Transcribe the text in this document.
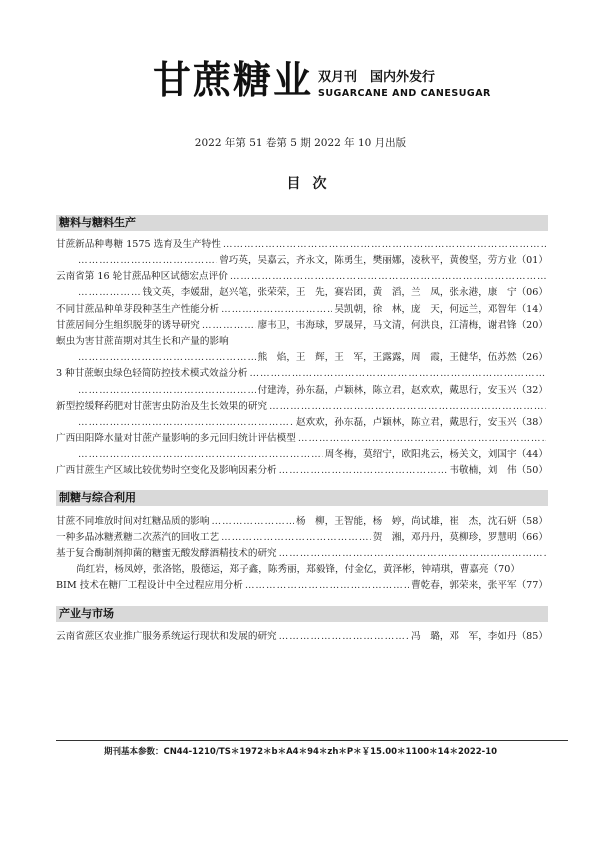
甘蔗糖业 双月刊　国内外发行
SUGARCANE AND CANESUGAR
2022 年第 51 卷第 5 期 2022 年 10 月出版
目次
糖料与糖料生产
甘蔗新品种粤糖 1575 选育及生产特性
……………………………………………………………………………………………………………………………………………………………………………………………………………………
……………………………………………………………………………………………………………………………………………………………………………………………………………………
曾巧英，吴嘉云，齐永文，陈勇生，樊丽娜，凌秋平，黄俊坚，劳方业（01）
云南省第 16 轮甘蔗品种区试德宏点评价
……………………………………………………………………………………………………………………………………………………………………………………………………………………
……………………………………………………………………………………………………………………………………………………………………………………………………………………
钱文英，李媛甜，赵兴笔，张荣荣，王　先，赛岩团，黄　滔，兰　凤，张永港，康　宁（06）
不同甘蔗品种单芽段种茎生产性能分析 ……………………………………………………………………………………………………………………………………………………………………………………………………………………	吴凯朝，徐　林，庞　天，何远兰，邓智年（14）
甘蔗居间分生组织脱芽的诱导研究 ……………………………………………………………………………………………………………………………………………………………………………………………………………………	廖韦卫，韦海球，罗晟昇，马文清，何洪良，江清梅，谢君锋（20）
螟虫为害甘蔗苗期对其生长和产量的影响
……………………………………………………………………………………………………………………………………………………………………………………………………………………
熊　焰，王　辉，王　军，王露露，周　霞，王健华，伍苏然（26）
3 种甘蔗螟虫绿色轻简防控技术模式效益分析
……………………………………………………………………………………………………………………………………………………………………………………………………………………
……………………………………………………………………………………………………………………………………………………………………………………………………………………
付建涛，孙东磊，卢颖林，陈立君，赵欢欢，戴思行，安玉兴（32）
新型控缓释药肥对甘蔗害虫防治及生长效果的研究
……………………………………………………………………………………………………………………………………………………………………………………………………………………
……………………………………………………………………………………………………………………………………………………………………………………………………………………
赵欢欢，孙东磊，卢颖林，陈立君，戴思行，安玉兴（38）
广西田阳降水量对甘蔗产量影响的多元回归统计评估模型
……………………………………………………………………………………………………………………………………………………………………………………………………………………
……………………………………………………………………………………………………………………………………………………………………………………………………………………
周冬梅，莫绍宁，欧阳兆云，杨关文，刘国宇（44）
广西甘蔗生产区域比较优势时空变化及影响因素分析 ……………………………………………………………………………………………………………………………………………………………………………………………………………………	韦敬楠，刘　伟（50）
制糖与综合利用
甘蔗不同堆放时间对红糖品质的影响 ……………………………………………………………………………………………………………………………………………………………………………………………………………………	杨　柳，王智能，杨　婷，尚试雄，崔　杰，沈石妍（58）
一种多晶冰糖煮糖二次蒸汽的回收工艺 ……………………………………………………………………………………………………………………………………………………………………………………………………………………	贺　湘，邓丹丹，莫柳珍，罗慧明（66）
基于复合酶制剂抑菌的糖蜜无酸发酵酒精技术的研究
……………………………………………………………………………………………………………………………………………………………………………………………………………………
尚红岩，杨凤婷，张洛铭，殷德运，郑子鑫，陈秀丽，郑毅锋，付金亿，黄泽彬，钟靖琪，曹嘉亮（70）
BIM 技术在糖厂工程设计中全过程应用分析 ……………………………………………………………………………………………………………………………………………………………………………………………………………………	曹乾春，郭荣来，张平军（77）
产业与市场
云南省蔗区农业推广服务系统运行现状和发展的研究 ……………………………………………………………………………………………………………………………………………………………………………………………………………………	冯　璐，邓　军，李如丹（85）
期刊基本参数：CN44-1210/TS＊1972＊b＊A4＊94＊zh＊P＊￥15.00＊1100＊14＊2022-10
